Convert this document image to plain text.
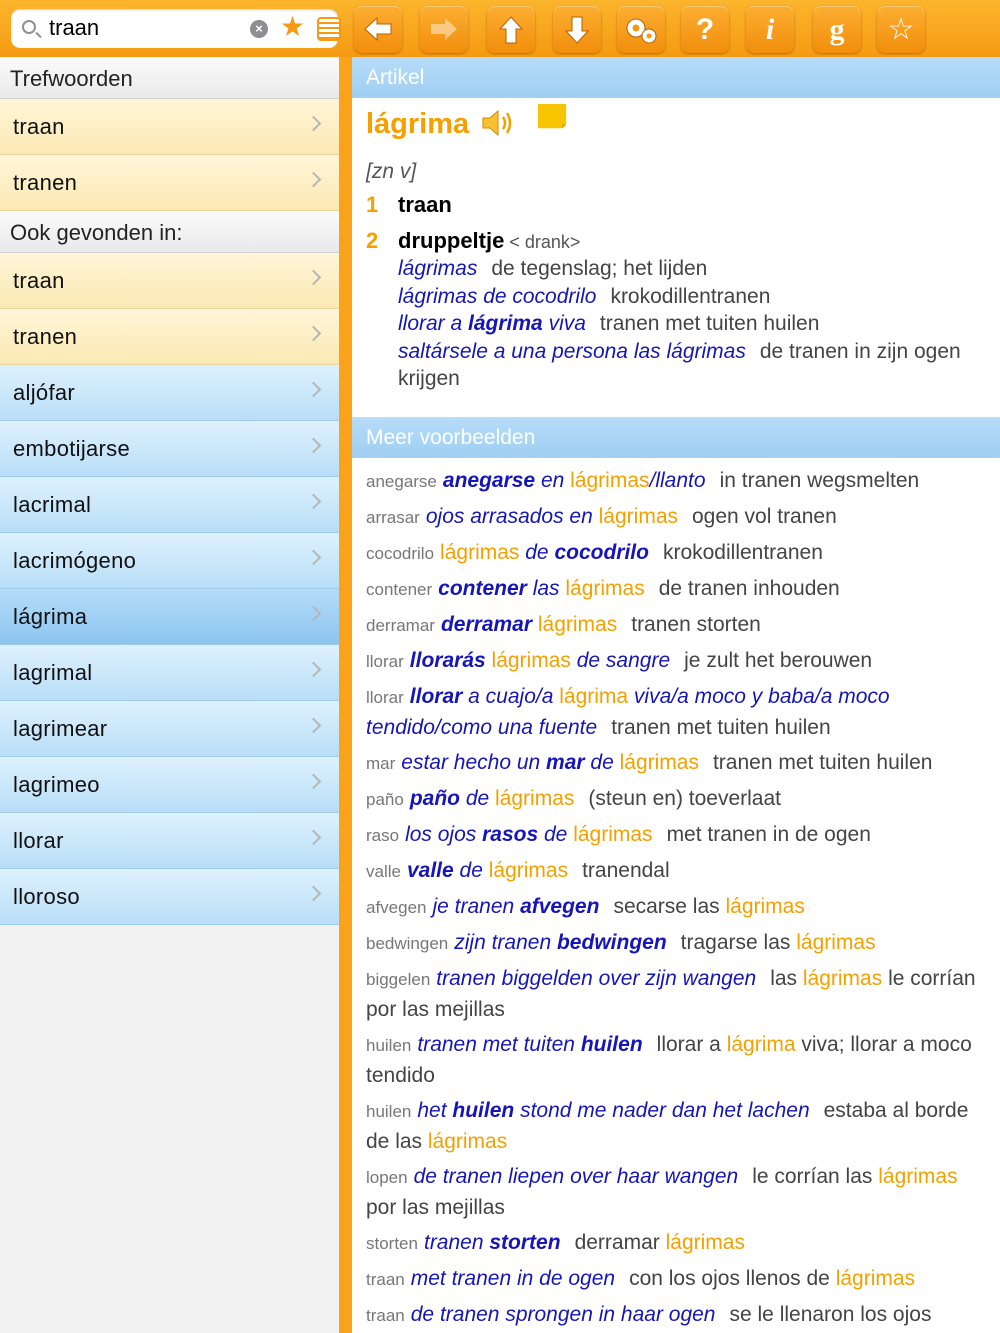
traan
× ★	?	i	g	☆
Trefwoorden
traan
tranen
Ook gevonden in:
traan
tranen
aljófar
embotijarse
lacrimal
lacrimógeno
lágrima
lagrimal
lagrimear
lagrimeo
llorar
lloroso
Artikel
lágrima
[zn v]
1 traan
2 druppeltje < drank>
lágrimas de tegenslag; het lijden
lágrimas de cocodrilo krokodillentranen
llorar a lágrima viva tranen met tuiten huilen
saltársele a una persona las lágrimas de tranen in zijn ogen krijgen
Meer voorbeelden
anegarse anegarse en lágrimas/llanto in tranen wegsmelten
arrasar ojos arrasados en lágrimas ogen vol tranen
cocodrilo lágrimas de cocodrilo krokodillentranen
contener contener las lágrimas de tranen inhouden
derramar derramar lágrimas tranen storten
llorar llorarás lágrimas de sangre je zult het berouwen
llorar llorar a cuajo/a lágrima viva/a moco y baba/a moco tendido/como una fuente tranen met tuiten huilen
mar estar hecho un mar de lágrimas tranen met tuiten huilen
paño paño de lágrimas (steun en) toeverlaat
raso los ojos rasos de lágrimas met tranen in de ogen
valle valle de lágrimas tranendal
afvegen je tranen afvegen secarse las lágrimas
bedwingen zijn tranen bedwingen tragarse las lágrimas
biggelen tranen biggelden over zijn wangen las lágrimas le corrían por las mejillas
huilen tranen met tuiten huilen llorar a lágrima viva; llorar a moco tendido
huilen het huilen stond me nader dan het lachen estaba al borde de las lágrimas
lopen de tranen liepen over haar wangen le corrían las lágrimas por las mejillas
storten tranen storten derramar lágrimas
traan met tranen in de ogen con los ojos llenos de lágrimas
traan de tranen sprongen in haar ogen se le llenaron los ojos
